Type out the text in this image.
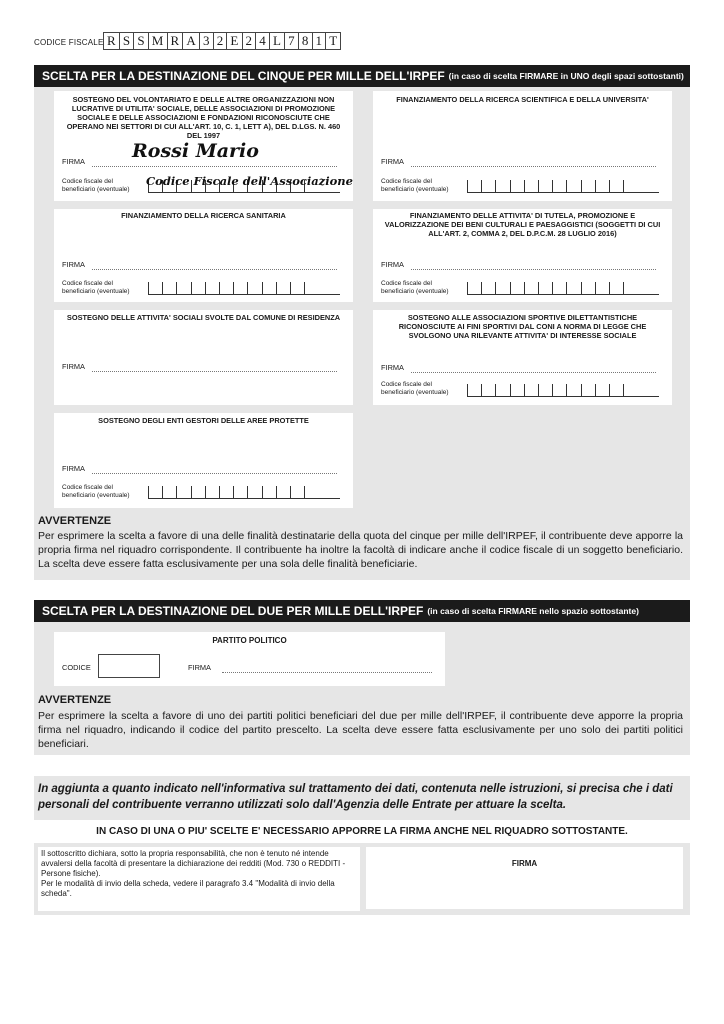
CODICE FISCALE R S S M R A 3 2 E 2 4 L 7 8 1 T
SCELTA PER LA DESTINAZIONE DEL CINQUE PER MILLE DELL'IRPEF (in caso di scelta FIRMARE in UNO degli spazi sottostanti)
SOSTEGNO DEL VOLONTARIATO E DELLE ALTRE ORGANIZZAZIONI NON LUCRATIVE DI UTILITA' SOCIALE, DELLE ASSOCIAZIONI DI PROMOZIONE SOCIALE E DELLE ASSOCIAZIONI E FONDAZIONI RICONOSCIUTE CHE OPERANO NEI SETTORI DI CUI ALL'ART. 10, C. 1, LETT A), DEL D.LGS. N. 460 DEL 1997
Rossi Mario
FIRMA
Codice fiscale del
beneficiario (eventuale)
Codice Fiscale dell'Associazione
FINANZIAMENTO DELLA RICERCA SCIENTIFICA E DELLA UNIVERSITA'
FIRMA
Codice fiscale del
beneficiario (eventuale)
FINANZIAMENTO DELLA RICERCA SANITARIA
FIRMA
Codice fiscale del
beneficiario (eventuale)
FINANZIAMENTO DELLE ATTIVITA' DI TUTELA, PROMOZIONE E VALORIZZAZIONE DEI BENI CULTURALI E PAESAGGISTICI (SOGGETTI DI CUI ALL'ART. 2, COMMA 2, DEL D.P.C.M. 28 LUGLIO 2016)
FIRMA
Codice fiscale del
beneficiario (eventuale)
SOSTEGNO DELLE ATTIVITA' SOCIALI SVOLTE DAL COMUNE DI RESIDENZA
FIRMA
SOSTEGNO ALLE ASSOCIAZIONI SPORTIVE DILETTANTISTICHE RICONOSCIUTE AI FINI SPORTIVI DAL CONI A NORMA DI LEGGE CHE SVOLGONO UNA RILEVANTE ATTIVITA' DI INTERESSE SOCIALE
FIRMA
Codice fiscale del
beneficiario (eventuale)
SOSTEGNO DEGLI ENTI GESTORI DELLE AREE PROTETTE
FIRMA
Codice fiscale del
beneficiario (eventuale)
AVVERTENZE
Per esprimere la scelta a favore di una delle finalità destinatarie della quota del cinque per mille dell'IRPEF, il contribuente deve apporre la propria firma nel riquadro corrispondente. Il contribuente ha inoltre la facoltà di indicare anche il codice fiscale di un soggetto beneficiario. La scelta deve essere fatta esclusivamente per una sola delle finalità beneficiarie.
SCELTA PER LA DESTINAZIONE DEL DUE PER MILLE DELL'IRPEF (in caso di scelta FIRMARE nello spazio sottostante)
PARTITO POLITICO
CODICE	FIRMA
AVVERTENZE
Per esprimere la scelta a favore di uno dei partiti politici beneficiari del due per mille dell'IRPEF, il contribuente deve apporre la propria firma nel riquadro, indicando il codice del partito prescelto. La scelta deve essere fatta esclusivamente per uno solo dei partiti politici beneficiari.
In aggiunta a quanto indicato nell'informativa sul trattamento dei dati, contenuta nelle istruzioni, si precisa che i dati personali del contribuente verranno utilizzati solo dall'Agenzia delle Entrate per attuare la scelta.
IN CASO DI UNA O PIU' SCELTE E' NECESSARIO APPORRE LA FIRMA ANCHE NEL RIQUADRO SOTTOSTANTE.
Il sottoscritto dichiara, sotto la propria responsabilità, che non è tenuto né intende avvalersi della facoltà di presentare la dichiarazione dei redditi (Mod. 730 o REDDITI - Persone fisiche).
Per le modalità di invio della scheda, vedere il paragrafo 3.4 "Modalità di invio della scheda".
FIRMA
